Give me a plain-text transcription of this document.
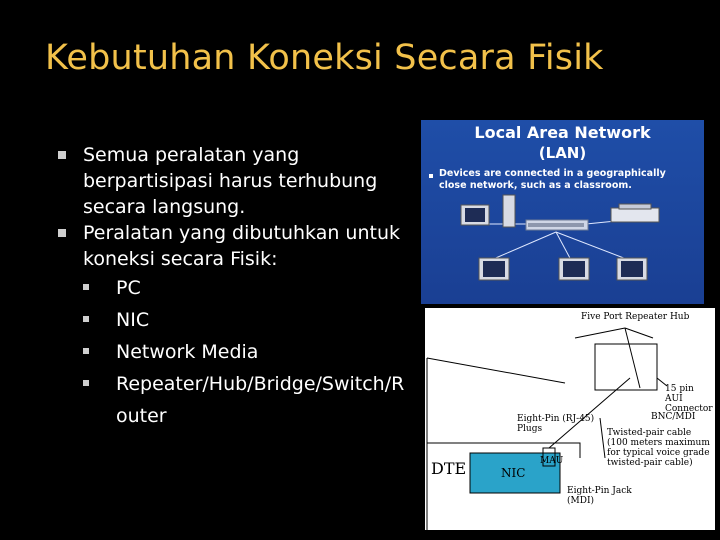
Kebutuhan Koneksi Secara Fisik
Semua peralatan yang berpartisipasi harus terhubung secara langsung.
Peralatan yang dibutuhkan untuk koneksi secara Fisik:
PC
NIC
Network Media
Repeater/Hub/Bridge/Switch/R outer
Local Area Network
(LAN)
Devices are connected in a geographically close network, such as a classroom.
Five Port Repeater Hub
15 pin AUI Connector
BNC/MDI
Eight-Pin (RJ-45) Plugs	Twisted-pair cable (100 meters maximum for typical voice grade twisted-pair cable)
Eight-Pin Jack (MDI)
DTE	NIC
MAU
